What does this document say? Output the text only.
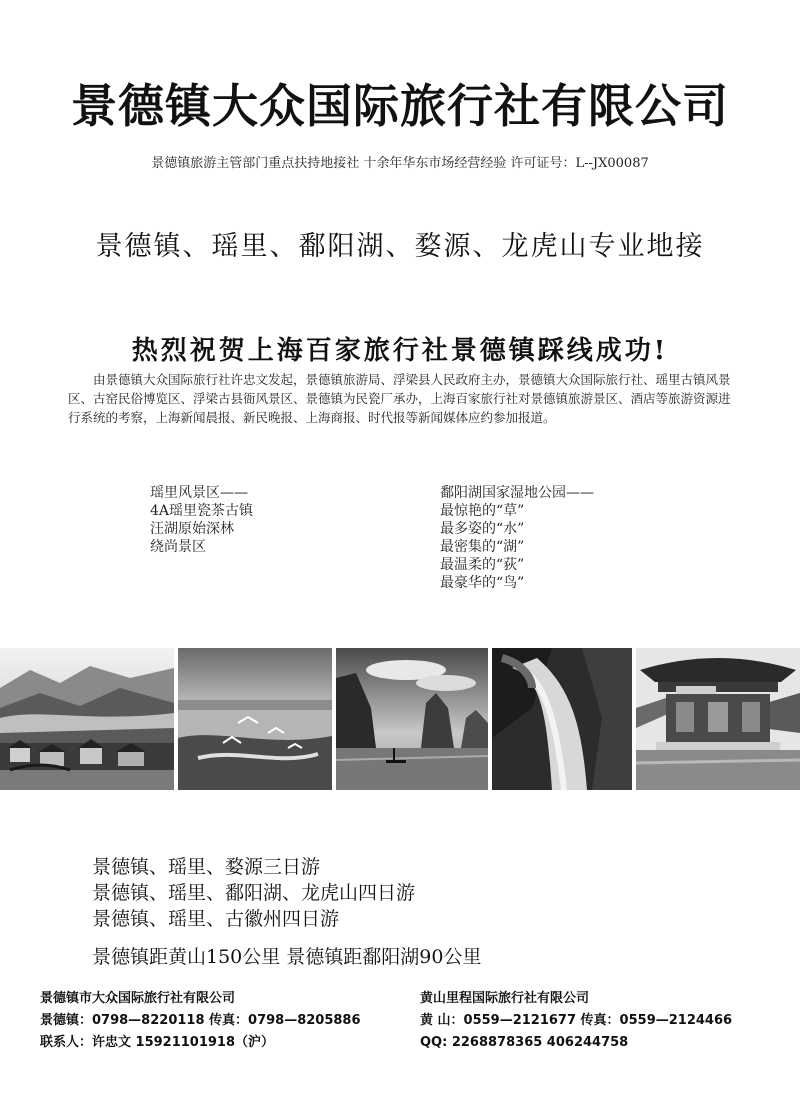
景德镇大众国际旅行社有限公司
景德镇旅游主管部门重点扶持地接社 十余年华东市场经营经验 许可证号：L--JX00087
景德镇、瑶里、鄱阳湖、婺源、龙虎山专业地接
热烈祝贺上海百家旅行社景德镇踩线成功!
由景德镇大众国际旅行社许忠文发起，景德镇旅游局、浮梁县人民政府主办，景德镇大众国际旅行社、瑶里古镇风景区、古窑民俗博览区、浮梁古县衙风景区、景德镇为民瓷厂承办，上海百家旅行社对景德镇旅游景区、酒店等旅游资源进行系统的考察，上海新闻晨报、新民晚报、上海商报、时代报等新闻媒体应约参加报道。
瑶里风景区——
4A瑶里瓷茶古镇
汪湖原始深林
绕尚景区
鄱阳湖国家湿地公园——
最惊艳的“草”
最多姿的“水”
最密集的“湖”
最温柔的“荻”
最豪华的“鸟”
景德镇、瑶里、婺源三日游
景德镇、瑶里、鄱阳湖、龙虎山四日游
景德镇、瑶里、古徽州四日游
景德镇距黄山150公里 景德镇距鄱阳湖90公里
景德镇市大众国际旅行社有限公司
景德镇：0798—8220118 传真：0798—8205886
联系人：许忠文 15921101918（沪）
黄山里程国际旅行社有限公司
黄 山：0559—2121677 传真：0559—2124466
QQ: 2268878365 406244758
